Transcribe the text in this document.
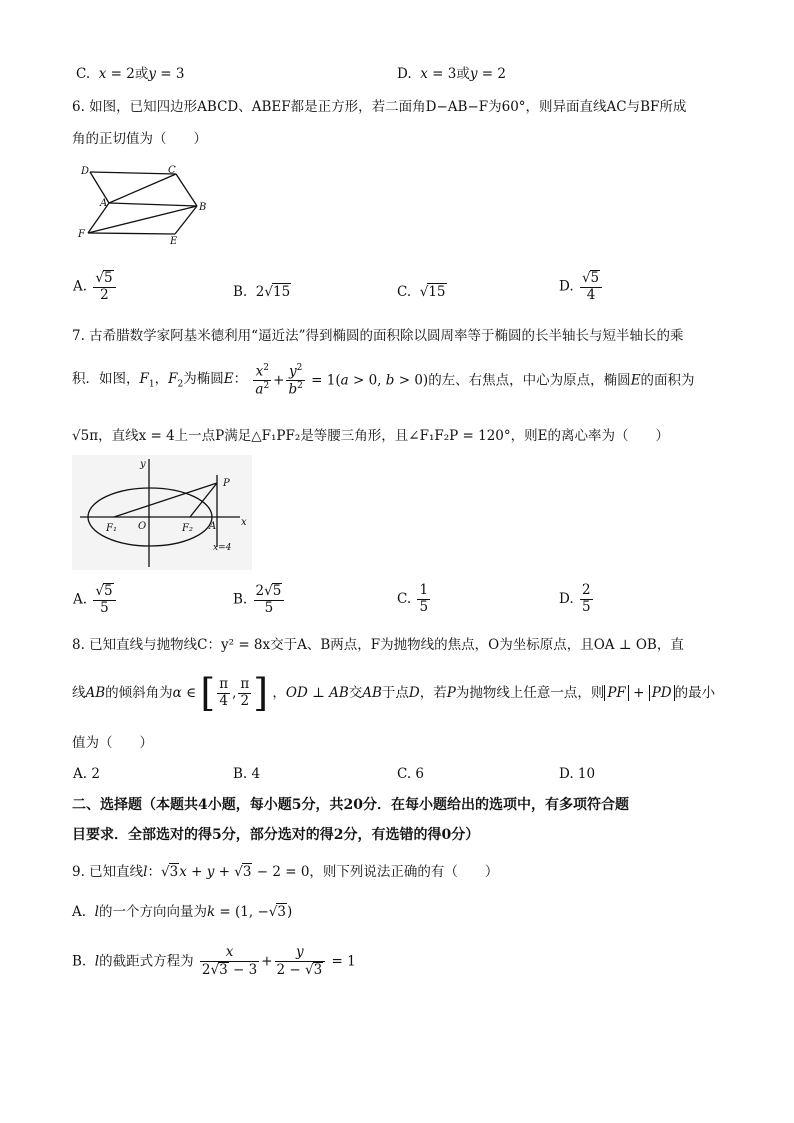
C. x = 2或y = 3	D. x = 3或y = 2
6. 如图，已知四边形ABCD、ABEF都是正方形，若二面角D−AB−F为60°，则异面直线AC与BF所成
角的正切值为（　　）
D	C
A	B
F
E
A. $\frac{√5}{2}$	B.  2√15	C.  √15	D. $\frac{√5}{4}$
7. 古希腊数学家阿基米德利用“逼近法”得到椭圆的面积除以圆周率等于椭圆的长半轴长与短半轴长的乘
积．如图，$F_1$，$F_2$为椭圆E： $\frac{x^2}{a^2} + \frac{y^2}{b^2} = 1(a > 0$, b > 0)的左、右焦点，中心为原点，椭圆E的面积为
√5π，直线x = 4上一点P满足△F₁PF₂是等腰三角形，且∠F₁F₂P = 120°，则E的离心率为（　　）
y
P
F₁ O	F₂ A x
x=4
A. $\frac{√5}{5}$	B. $\frac{2√5}{5}$	C. $\frac{1}{5}$	D. $\frac{2}{5}$
8. 已知直线与抛物线C：y² = 8x交于A、B两点，F为抛物线的焦点，O为坐标原点，且OA ⊥ OB，直
线AB的倾斜角为α ∈ [ $\frac{\pi}{4}$ , $\frac{\pi}{2}$ ] ，OD ⊥ AB交AB于点D，若P为抛物线上任意一点，则 PF + PD 的最小
值为（　　）
A. 2	B. 4	C. 6	D. 10
二、选择题（本题共4小题，每小题5分，共20分．在每小题给出的选项中，有多项符合题
目要求．全部选对的得5分，部分选对的得2分，有选错的得0分）
9. 已知直线l：√3x + y + √3 − 2 = 0，则下列说法正确的有（　　）
A.  l的一个方向向量为k = (1, −√3)
B.  l的截距式方程为 $\frac{x}{2√3 - 3} + \frac{y}{2 - √3} = 1$
